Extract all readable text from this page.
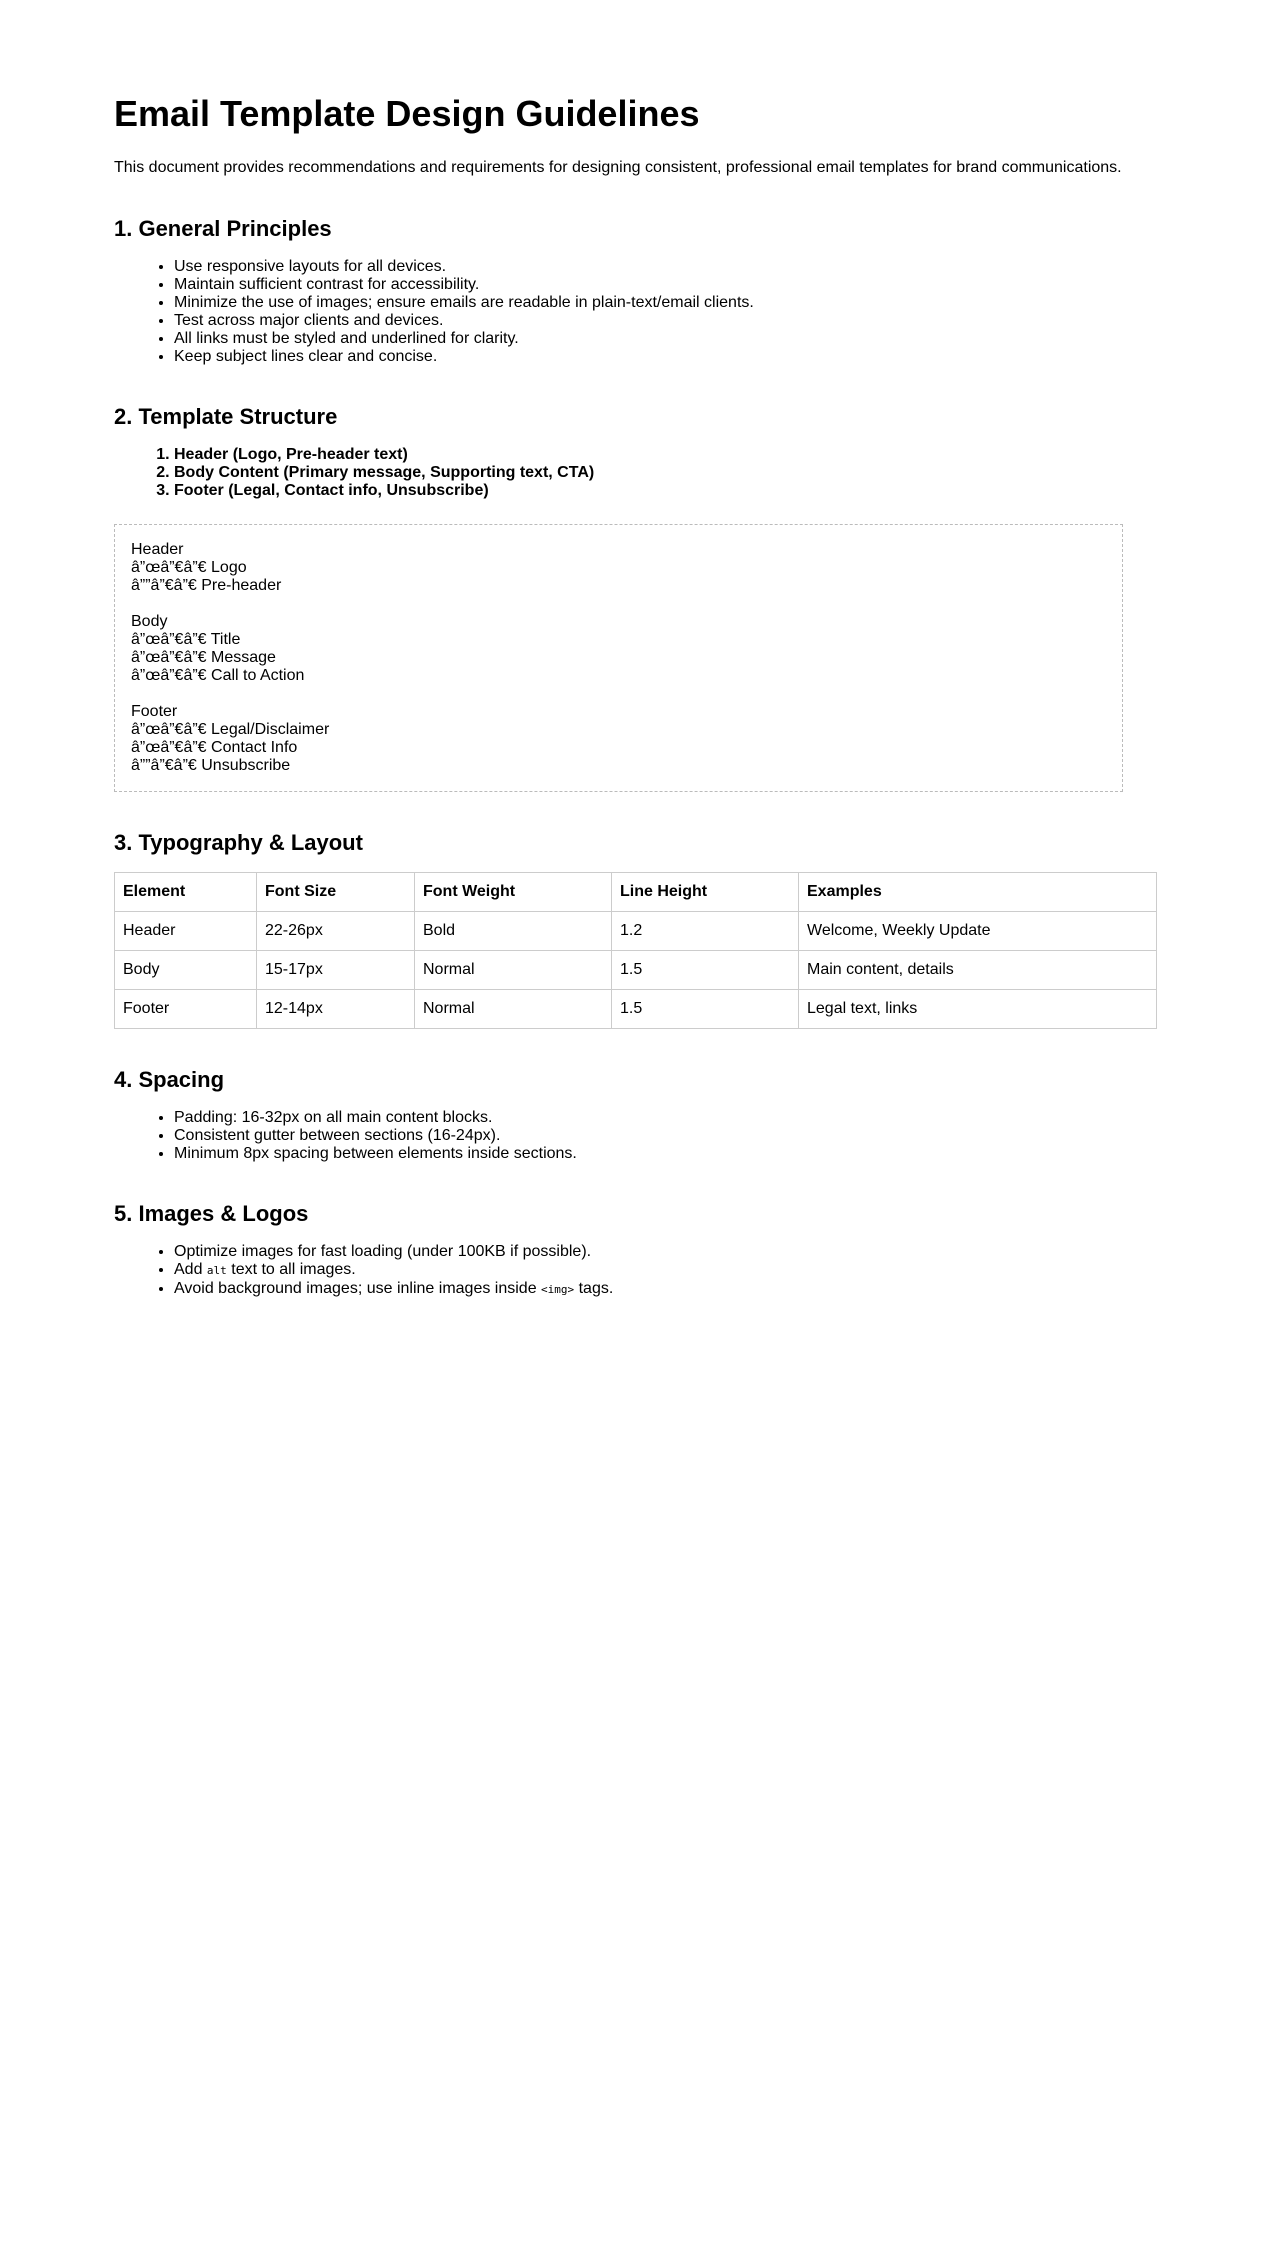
Email Template Design Guidelines

This document provides recommendations and requirements for designing consistent, professional email templates for brand communications.

1. General Principles
• Use responsive layouts for all devices.
• Maintain sufficient contrast for accessibility.
• Minimize the use of images; ensure emails are readable in plain-text/email clients.
• Test across major clients and devices.
• All links must be styled and underlined for clarity.
• Keep subject lines clear and concise.
2. Template Structure
1. Header (Logo, Pre-header text)
2. Body Content (Primary message, Supporting text, CTA)
3. Footer (Legal, Contact info, Unsubscribe)
Header
â”œâ”€â”€ Logo
â””â”€â”€ Pre-header
Body
â”œâ”€â”€ Title
â”œâ”€â”€ Message
â”œâ”€â”€ Call to Action
Footer
â”œâ”€â”€ Legal/Disclaimer
â”œâ”€â”€ Contact Info
â””â”€â”€ Unsubscribe
3. Typography & Layout
Element	Font Size	Font Weight	Line Height	Examples
Header	22-26px	Bold	1.2	Welcome, Weekly Update
Body	15-17px	Normal	1.5	Main content, details
Footer	12-14px	Normal	1.5	Legal text, links
4. Spacing
• Padding: 16-32px on all main content blocks.
• Consistent gutter between sections (16-24px).
• Minimum 8px spacing between elements inside sections.
5. Images & Logos
• Optimize images for fast loading (under 100KB if possible).
• Add alt text to all images.
• Avoid background images; use inline images inside <img> tags.
